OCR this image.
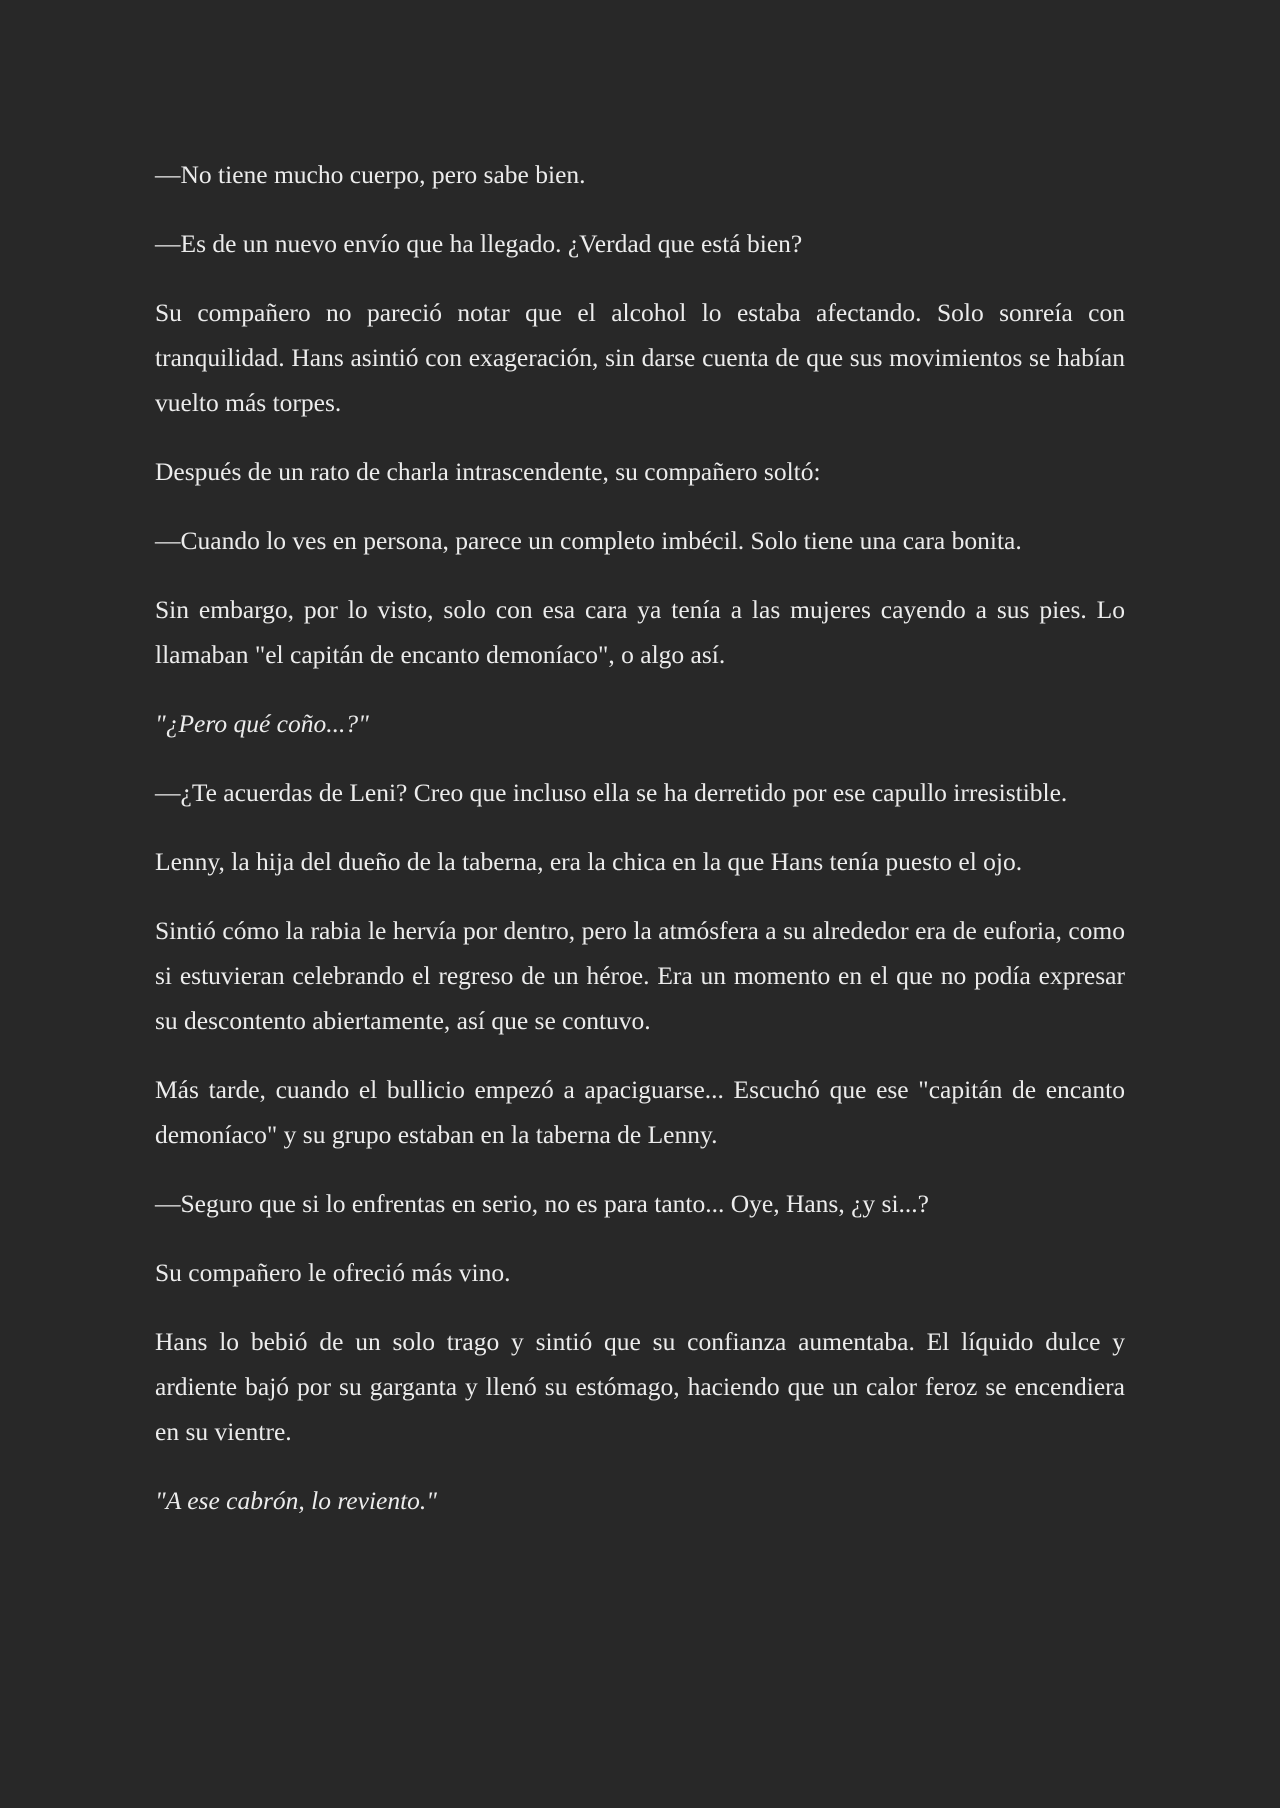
—No tiene mucho cuerpo, pero sabe bien.

—Es de un nuevo envío que ha llegado. ¿Verdad que está bien?

Su compañero no pareció notar que el alcohol lo estaba afectando. Solo sonreía con tranquilidad. Hans asintió con exageración, sin darse cuenta de que sus movimientos se habían vuelto más torpes.

Después de un rato de charla intrascendente, su compañero soltó:

—Cuando lo ves en persona, parece un completo imbécil. Solo tiene una cara bonita.

Sin embargo, por lo visto, solo con esa cara ya tenía a las mujeres cayendo a sus pies. Lo llamaban "el capitán de encanto demoníaco", o algo así.

"¿Pero qué coño...?"

—¿Te acuerdas de Leni? Creo que incluso ella se ha derretido por ese capullo irresistible.

Lenny, la hija del dueño de la taberna, era la chica en la que Hans tenía puesto el ojo.

Sintió cómo la rabia le hervía por dentro, pero la atmósfera a su alrededor era de euforia, como si estuvieran celebrando el regreso de un héroe. Era un momento en el que no podía expresar su descontento abiertamente, así que se contuvo.

Más tarde, cuando el bullicio empezó a apaciguarse... Escuchó que ese "capitán de encanto demoníaco" y su grupo estaban en la taberna de Lenny.

—Seguro que si lo enfrentas en serio, no es para tanto... Oye, Hans, ¿y si...?

Su compañero le ofreció más vino.

Hans lo bebió de un solo trago y sintió que su confianza aumentaba. El líquido dulce y ardiente bajó por su garganta y llenó su estómago, haciendo que un calor feroz se encendiera en su vientre.

"A ese cabrón, lo reviento."
